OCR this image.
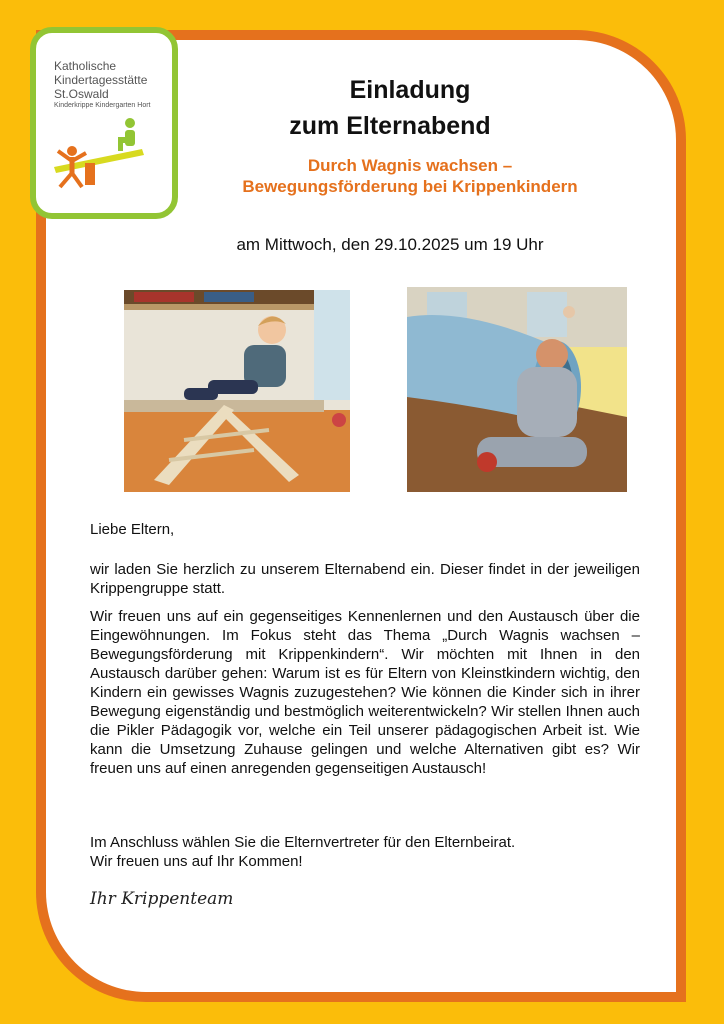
Katholische
Kindertagesstätte
St.Oswald
Kinderkrippe Kindergarten Hort
Einladung
zum Elternabend
Durch Wagnis wachsen –
Bewegungsförderung bei Krippenkindern
am Mittwoch, den 29.10.2025 um 19 Uhr
Liebe Eltern,
wir laden Sie herzlich zu unserem Elternabend ein. Dieser findet in der jeweiligen Krippengruppe statt.
Wir freuen uns auf ein gegenseitiges Kennenlernen und den Austausch über die Eingewöhnungen. Im Fokus steht das Thema „Durch Wagnis wachsen – Bewegungsförderung mit Krippenkindern“. Wir möchten mit Ihnen in den Austausch darüber gehen: Warum ist es für Eltern von Kleinstkindern wichtig, den Kindern ein gewisses Wagnis zuzugestehen? Wie können die Kinder sich in ihrer Bewegung eigenständig und bestmöglich weiterentwickeln? Wir stellen Ihnen auch die Pikler Pädagogik vor, welche ein Teil unserer pädagogischen Arbeit ist. Wie kann die Umsetzung Zuhause gelingen und welche Alternativen gibt es? Wir freuen uns auf einen anregenden gegenseitigen Austausch!
Im Anschluss wählen Sie die Elternvertreter für den Elternbeirat.
Wir freuen uns auf Ihr Kommen!
Ihr Krippenteam
